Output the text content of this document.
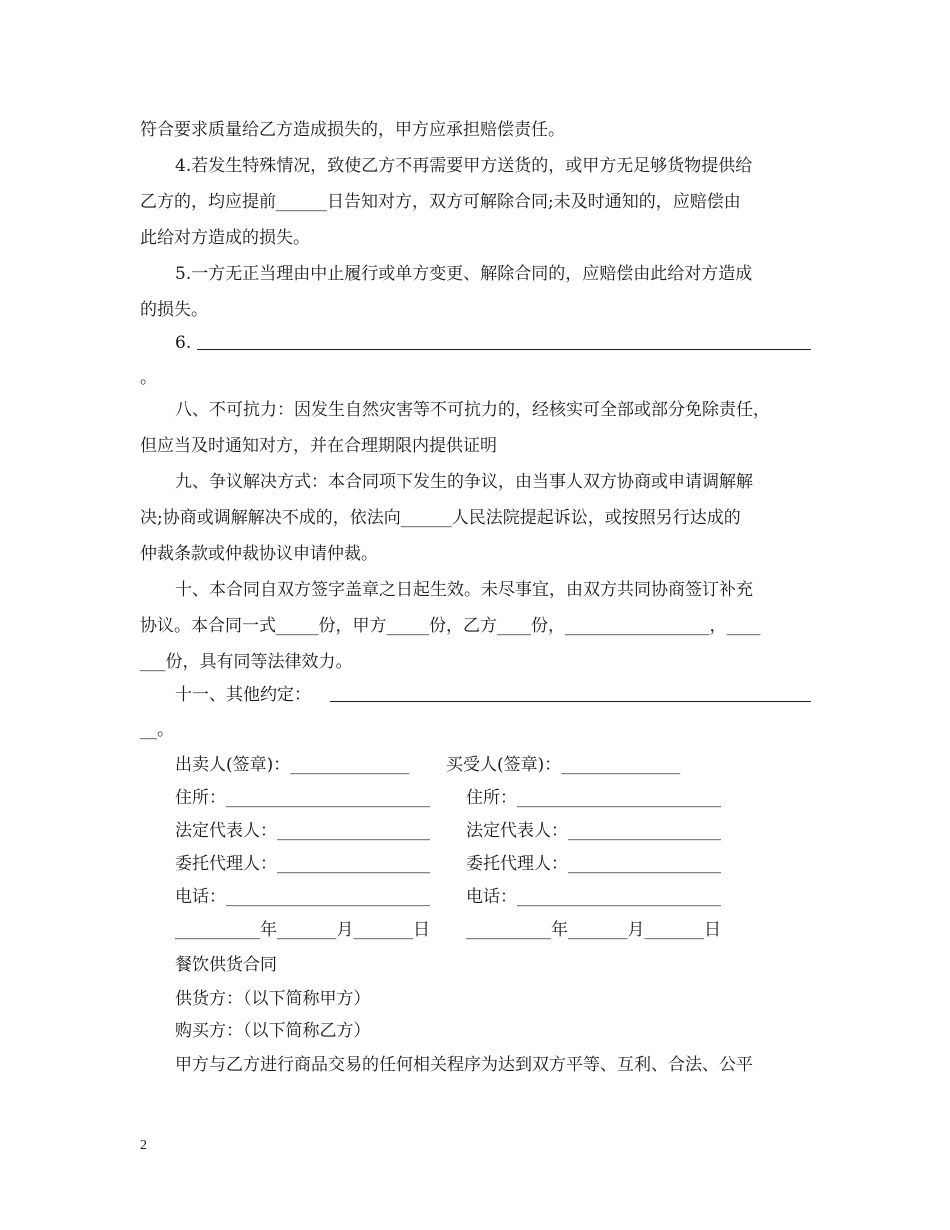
符合要求质量给乙方造成损失的，甲方应承担赔偿责任。
4.若发生特殊情况，致使乙方不再需要甲方送货的，或甲方无足够货物提供给
乙方的，均应提前______日告知对方，双方可解除合同;未及时通知的，应赔偿由
此给对方造成的损失。
5.一方无正当理由中止履行或单方变更、解除合同的，应赔偿由此给对方造成
的损失。
6.
。
八、不可抗力：因发生自然灾害等不可抗力的，经核实可全部或部分免除责任，
但应当及时通知对方，并在合理期限内提供证明
九、争议解决方式：本合同项下发生的争议，由当事人双方协商或申请调解解
决;协商或调解解决不成的，依法向______人民法院提起诉讼，或按照另行达成的
仲裁条款或仲裁协议申请仲裁。
十、本合同自双方签字盖章之日起生效。未尽事宜，由双方共同协商签订补充
协议。本合同一式_____份，甲方_____份，乙方____份，_________________，____
___份，具有同等法律效力。
十一、其他约定：
__。
出卖人(签章)：______________ 买受人(签章)：______________
住所：________________________ 住所：________________________
法定代表人：__________________ 法定代表人：__________________
委托代理人：__________________ 委托代理人：__________________
电话：________________________ 电话：________________________
__________年_______月_______日 __________年_______月_______日
餐饮供货合同
供货方：（以下简称甲方）
购买方：（以下简称乙方）
甲方与乙方进行商品交易的任何相关程序为达到双方平等、互利、合法、公平
2
